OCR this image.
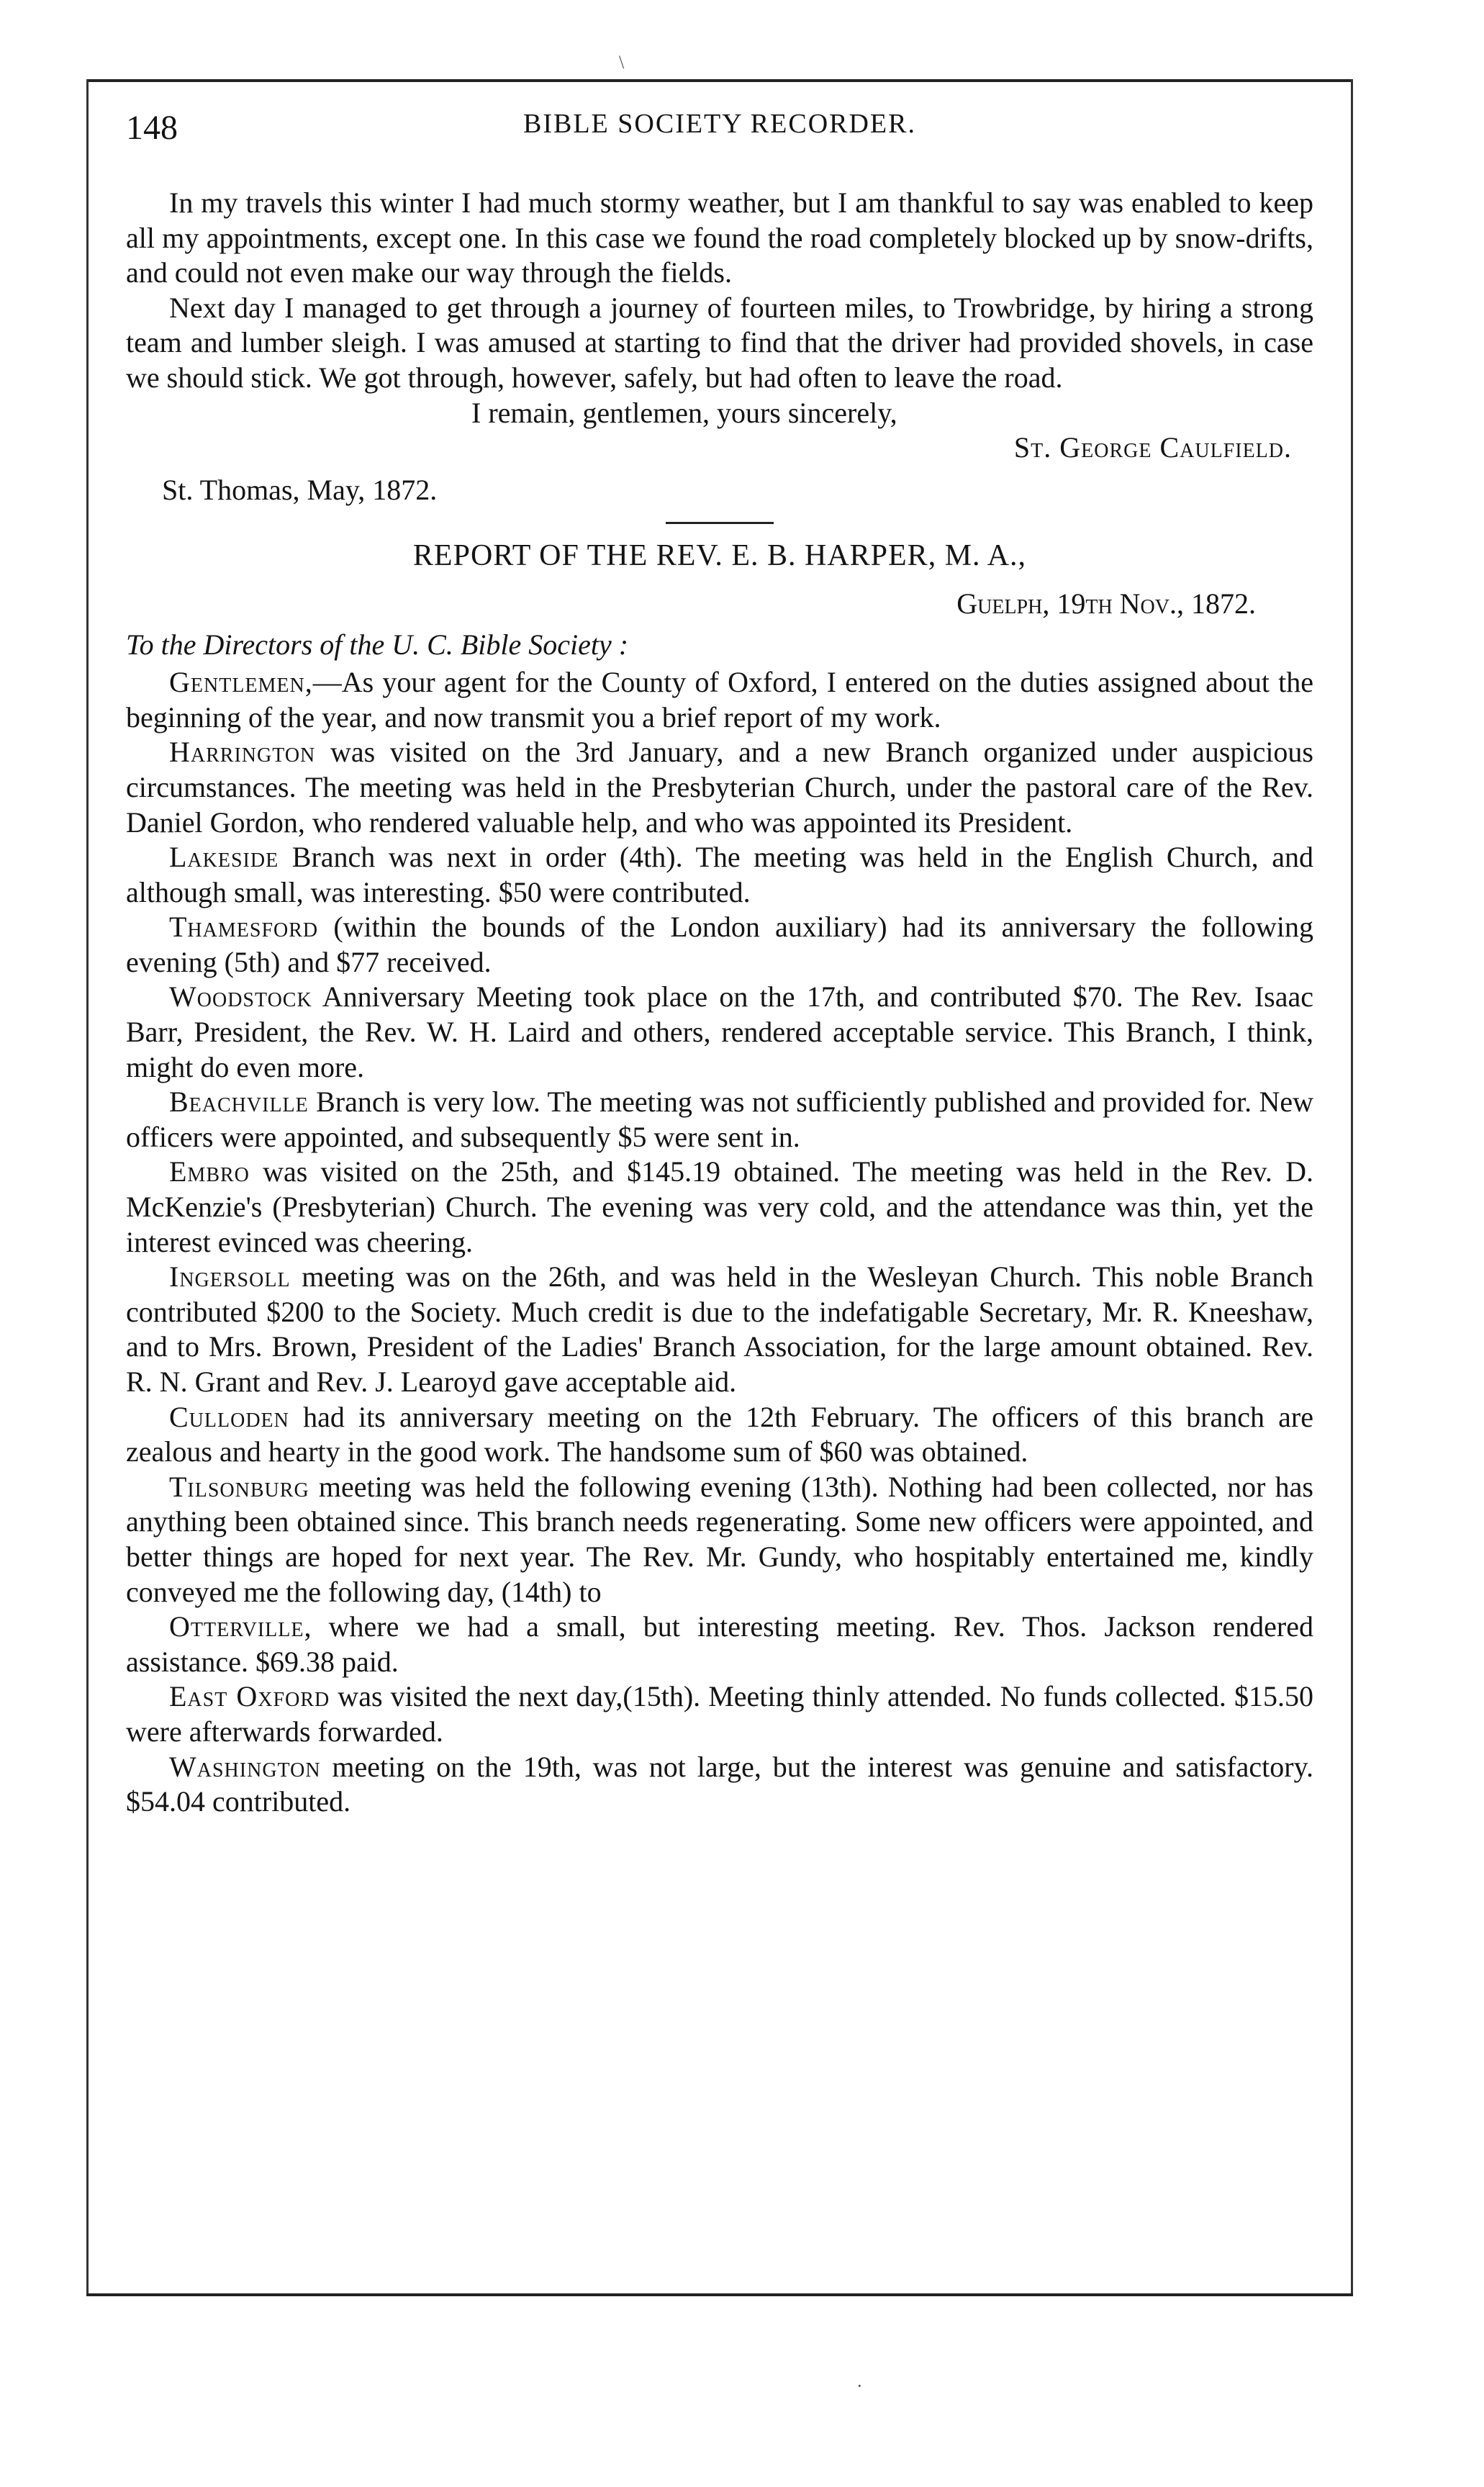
\
·
148	BIBLE SOCIETY RECORDER.

In my travels this winter I had much stormy weather, but I am thankful to say was enabled to keep all my appointments, except one. In this case we found the road completely blocked up by snow-drifts, and could not even make our way through the fields.

Next day I managed to get through a journey of fourteen miles, to Trowbridge, by hiring a strong team and lumber sleigh. I was amused at starting to find that the driver had provided shovels, in case we should stick. We got through, however, safely, but had often to leave the road.

I remain, gentlemen, yours sincerely,
St. George Caulfield.
St. Thomas, May, 1872.
REPORT OF THE REV. E. B. HARPER, M. A.,
Guelph, 19th Nov., 1872.
To the Directors of the U. C. Bible Society :

Gentlemen,—As your agent for the County of Oxford, I entered on the duties assigned about the beginning of the year, and now transmit you a brief report of my work.

Harrington was visited on the 3rd January, and a new Branch organized under auspicious circumstances. The meeting was held in the Presbyterian Church, under the pastoral care of the Rev. Daniel Gordon, who rendered valuable help, and who was appointed its President.

Lakeside Branch was next in order (4th). The meeting was held in the English Church, and although small, was interesting. $50 were contributed.

Thamesford (within the bounds of the London auxiliary) had its anniversary the following evening (5th) and $77 received.

Woodstock Anniversary Meeting took place on the 17th, and contributed $70. The Rev. Isaac Barr, President, the Rev. W. H. Laird and others, rendered acceptable service. This Branch, I think, might do even more.

Beachville Branch is very low. The meeting was not sufficiently published and provided for. New officers were appointed, and subsequently $5 were sent in.

Embro was visited on the 25th, and $145.19 obtained. The meeting was held in the Rev. D. McKenzie's (Presbyterian) Church. The evening was very cold, and the attendance was thin, yet the interest evinced was cheering.

Ingersoll meeting was on the 26th, and was held in the Wesleyan Church. This noble Branch contributed $200 to the Society. Much credit is due to the indefatigable Secretary, Mr. R. Kneeshaw, and to Mrs. Brown, President of the Ladies' Branch Association, for the large amount obtained. Rev. R. N. Grant and Rev. J. Learoyd gave acceptable aid.

Culloden had its anniversary meeting on the 12th February. The officers of this branch are zealous and hearty in the good work. The handsome sum of $60 was obtained.

Tilsonburg meeting was held the following evening (13th). Nothing had been collected, nor has anything been obtained since. This branch needs regenerating. Some new officers were appointed, and better things are hoped for next year. The Rev. Mr. Gundy, who hospitably entertained me, kindly conveyed me the following day, (14th) to

Otterville, where we had a small, but interesting meeting. Rev. Thos. Jackson rendered assistance. $69.38 paid.

East Oxford was visited the next day,(15th). Meeting thinly attended. No funds collected. $15.50 were afterwards forwarded.

Washington meeting on the 19th, was not large, but the interest was genuine and satisfactory. $54.04 contributed.
